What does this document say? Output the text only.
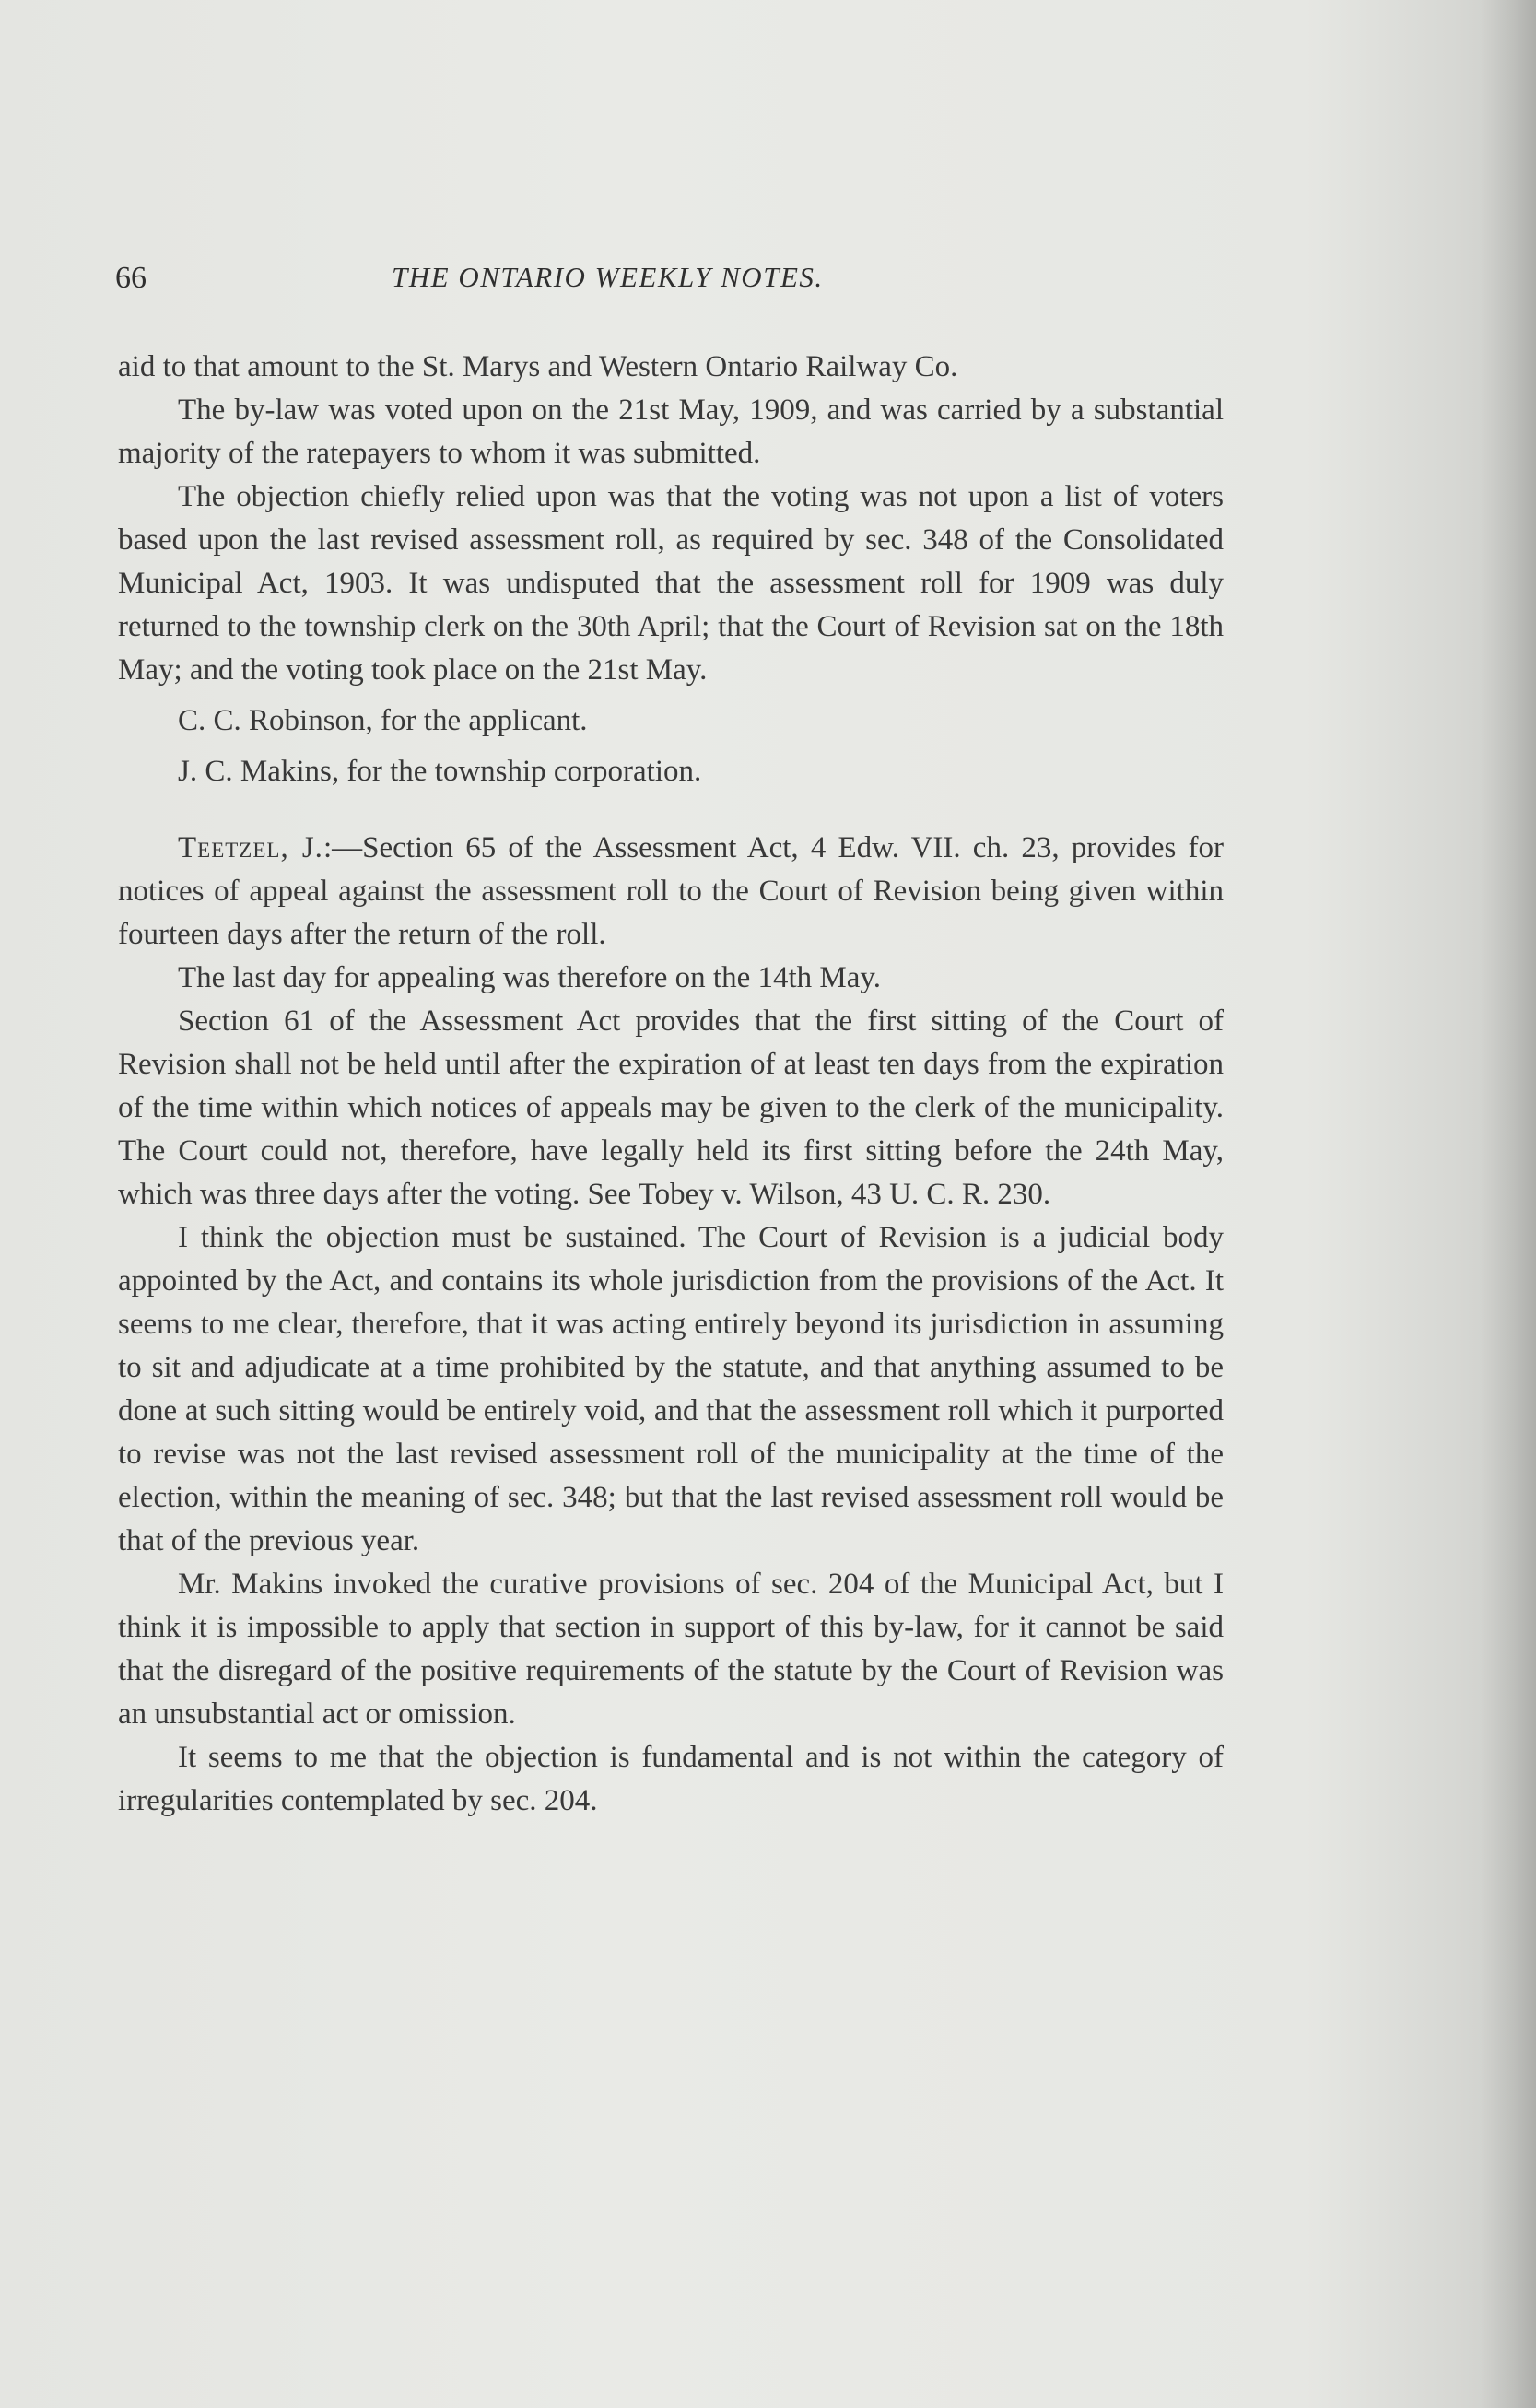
66	THE ONTARIO WEEKLY NOTES.

aid to that amount to the St. Marys and Western Ontario Railway Co.

The by-law was voted upon on the 21st May, 1909, and was carried by a substantial majority of the ratepayers to whom it was submitted.

The objection chiefly relied upon was that the voting was not upon a list of voters based upon the last revised assessment roll, as required by sec. 348 of the Consolidated Municipal Act, 1903. It was undisputed that the assessment roll for 1909 was duly returned to the township clerk on the 30th April; that the Court of Revision sat on the 18th May; and the voting took place on the 21st May.

C. C. Robinson, for the applicant.

J. C. Makins, for the township corporation.

Teetzel, J.:—Section 65 of the Assessment Act, 4 Edw. VII. ch. 23, provides for notices of appeal against the assessment roll to the Court of Revision being given within fourteen days after the return of the roll.

The last day for appealing was therefore on the 14th May.

Section 61 of the Assessment Act provides that the first sitting of the Court of Revision shall not be held until after the expiration of at least ten days from the expiration of the time within which notices of appeals may be given to the clerk of the municipality. The Court could not, therefore, have legally held its first sitting before the 24th May, which was three days after the voting. See Tobey v. Wilson, 43 U. C. R. 230.

I think the objection must be sustained. The Court of Revision is a judicial body appointed by the Act, and contains its whole jurisdiction from the provisions of the Act. It seems to me clear, therefore, that it was acting entirely beyond its jurisdiction in assuming to sit and adjudicate at a time prohibited by the statute, and that anything assumed to be done at such sitting would be entirely void, and that the assessment roll which it purported to revise was not the last revised assessment roll of the municipality at the time of the election, within the meaning of sec. 348; but that the last revised assessment roll would be that of the previous year.

Mr. Makins invoked the curative provisions of sec. 204 of the Municipal Act, but I think it is impossible to apply that section in support of this by-law, for it cannot be said that the disregard of the positive requirements of the statute by the Court of Revision was an unsubstantial act or omission.

It seems to me that the objection is fundamental and is not within the category of irregularities contemplated by sec. 204.
